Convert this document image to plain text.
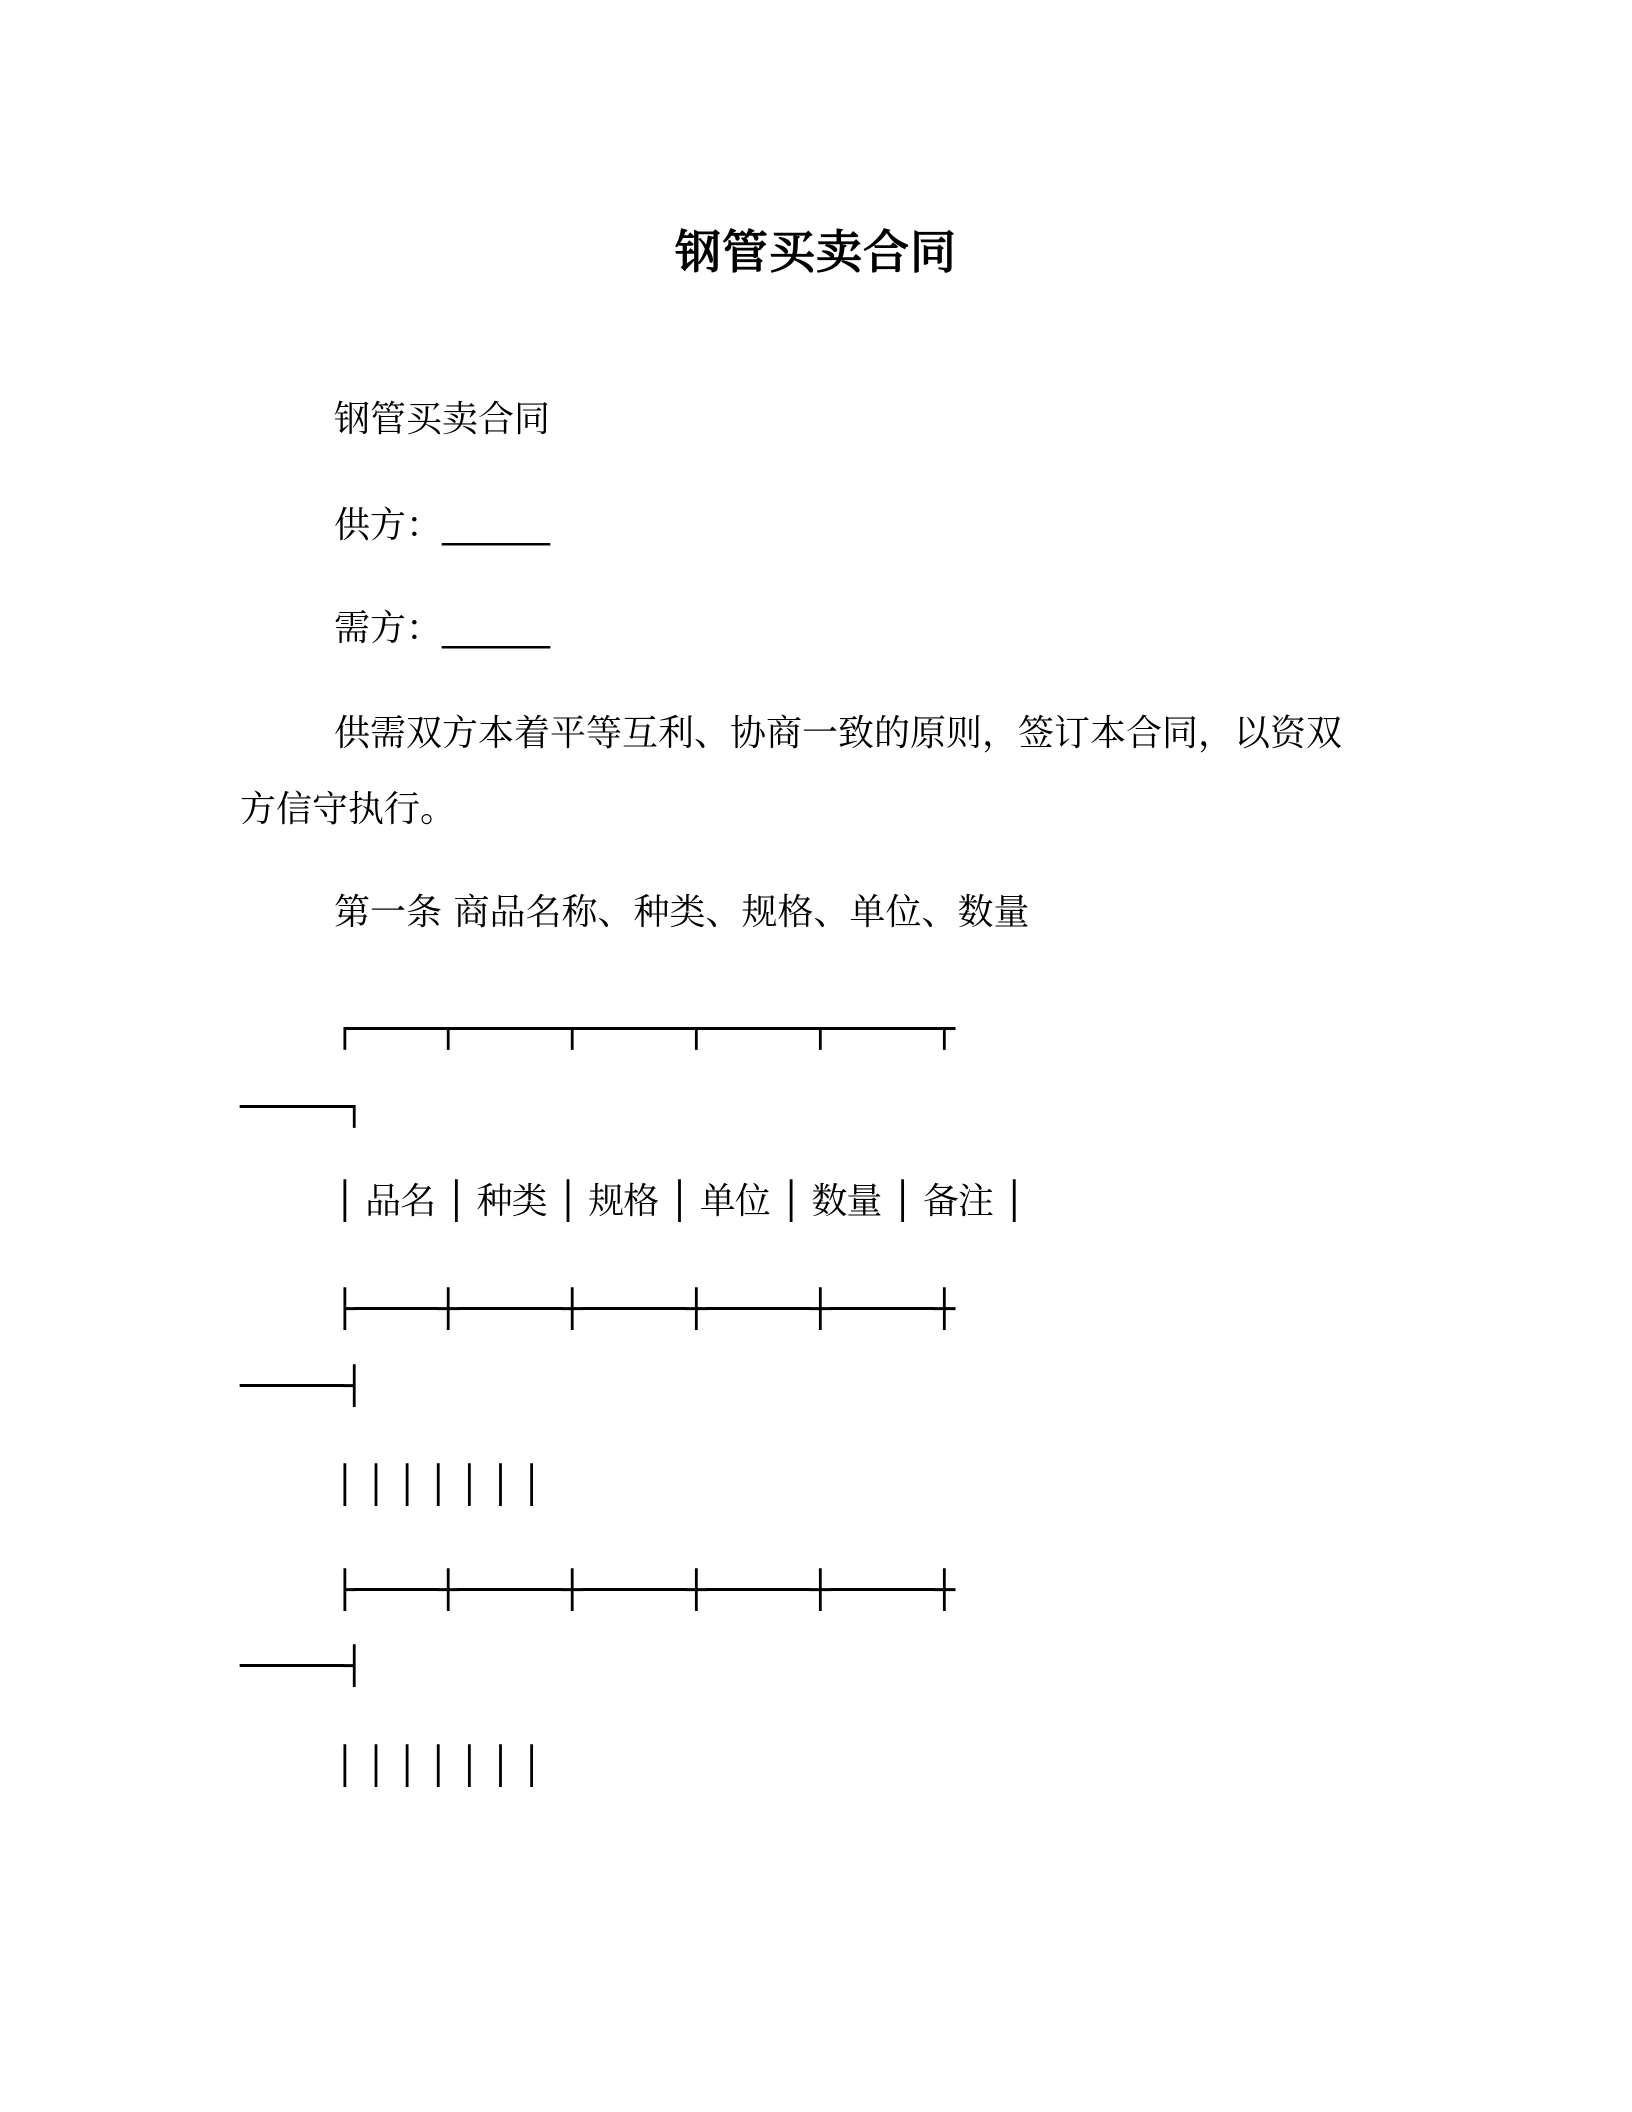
钢管买卖合同
钢管买卖合同
供方：______
需方：______
供需双方本着平等互利、协商一致的原则，签订本合同，以资双
方信守执行。
第一条 商品名称、种类、规格、单位、数量
┌────┬─────┬─────┬─────┬─────┬
─────┐
│ 品名 │ 种类 │ 规格 │ 单位 │ 数量 │ 备注 │
├────┼─────┼─────┼─────┼─────┼
─────┤
│ │ │ │ │ │ │
├────┼─────┼─────┼─────┼─────┼
─────┤
│ │ │ │ │ │ │
